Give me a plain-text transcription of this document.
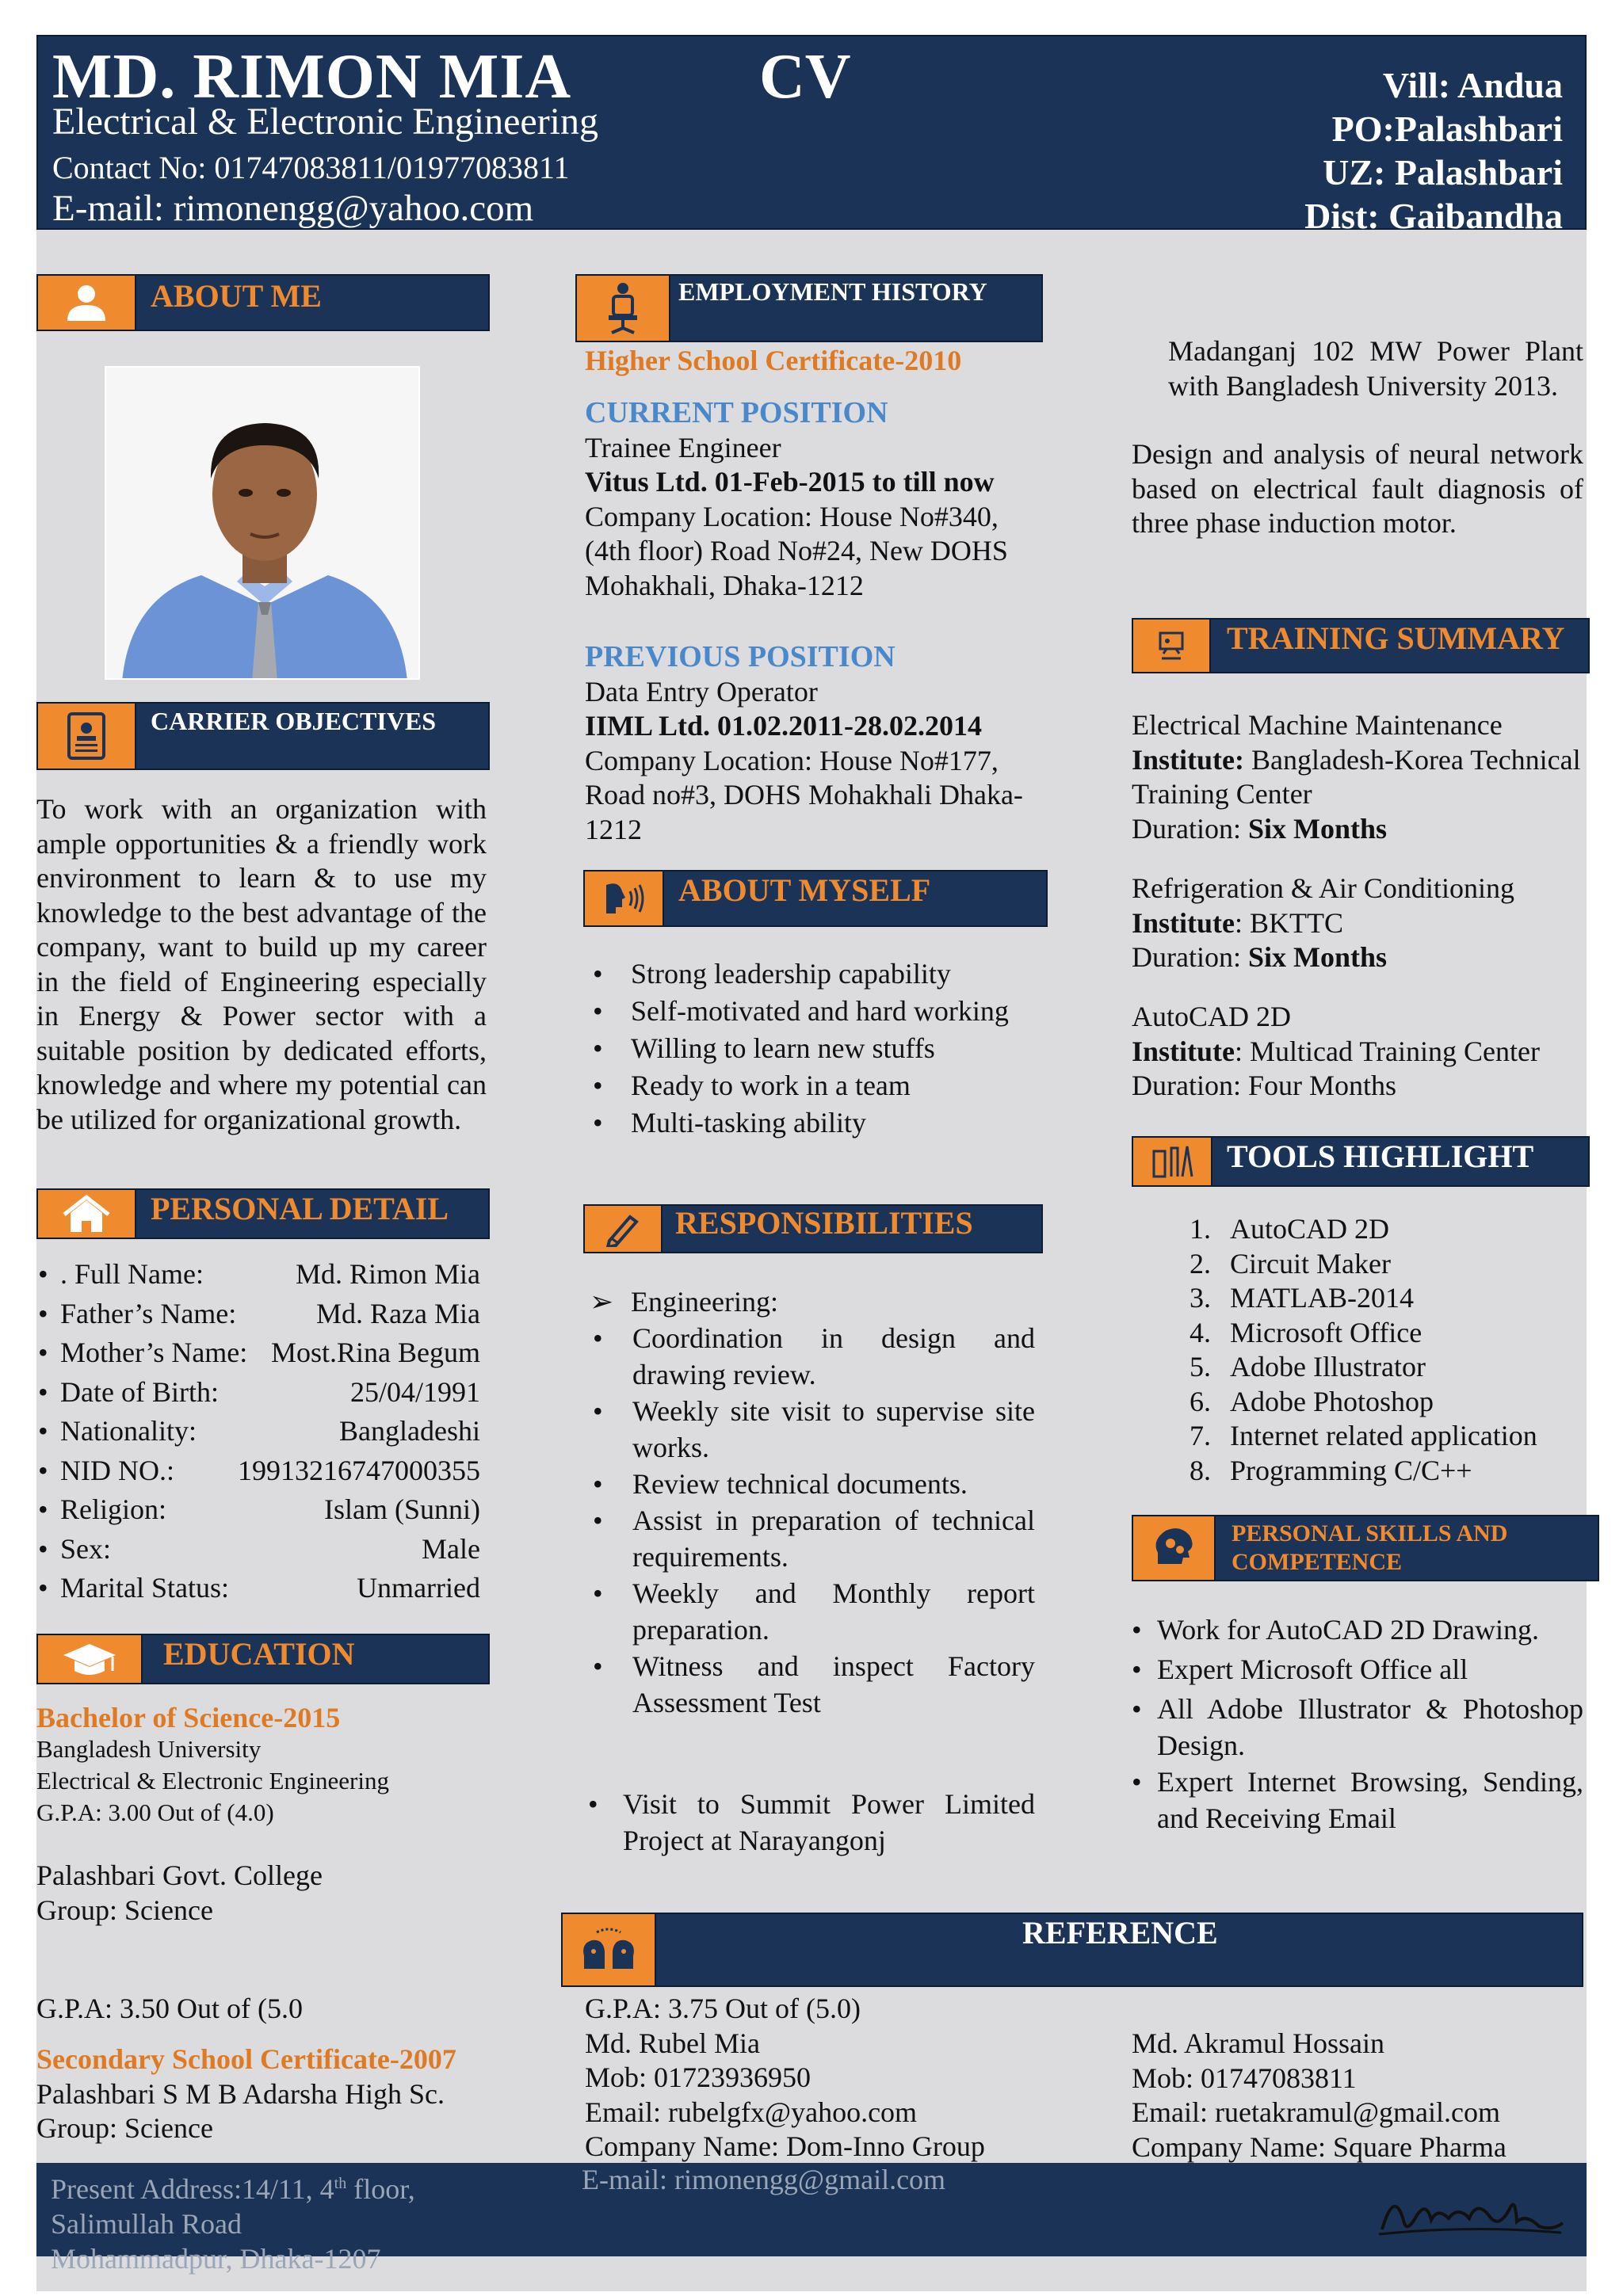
MD. RIMON MIA	CV
Electrical & Electronic Engineering
Contact No: 01747083811/01977083811
E-mail: rimonengg@yahoo.com
Vill: Andua
PO:Palashbari
UZ: Palashbari
Dist: Gaibandha
ABOUT ME
CARRIER OBJECTIVES
To work with an organization with ample opportunities & a friendly work environment to learn & to use my knowledge to the best advantage of the company, want to build up my career in the field of Engineering especially in Energy & Power sector with a suitable position by dedicated efforts, knowledge and where my potential can be utilized for organizational growth.
PERSONAL DETAIL
• . Full Name:	Md. Rimon Mia
• Father’s Name:	Md. Raza Mia
• Mother’s Name: Most.Rina Begum
• Date of Birth:	25/04/1991
• Nationality:	Bangladeshi
• NID NO.: 19913216747000355
• Religion:	Islam (Sunni)
• Sex:	Male
• Marital Status:	Unmarried
EDUCATION
Bachelor of Science-2015
Bangladesh University
Electrical & Electronic Engineering
G.P.A: 3.00 Out of (4.0)
Palashbari Govt. College
Group: Science
G.P.A: 3.50 Out of (5.0
Secondary School Certificate-2007
Palashbari S M B Adarsha High Sc.
Group: Science
EMPLOYMENT HISTORY
Higher School Certificate-2010
CURRENT POSITION
Trainee Engineer
Vitus Ltd. 01-Feb-2015 to till now
Company Location: House No#340, (4th floor) Road No#24, New DOHS Mohakhali, Dhaka-1212
PREVIOUS POSITION
Data Entry Operator
IIML Ltd. 01.02.2011-28.02.2014
Company Location: House No#177, Road no#3, DOHS Mohakhali Dhaka-1212
ABOUT MYSELF
• Strong leadership capability
• Self-motivated and hard working
• Willing to learn new stuffs
• Ready to work in a team
• Multi-tasking ability
RESPONSIBILITIES
➢ Engineering:
• Coordination in design and drawing review.
• Weekly site visit to supervise site works.
• Review technical documents.
• Assist in preparation of technical requirements.
• Weekly and Monthly report preparation.
• Witness and inspect Factory Assessment Test
• Visit to Summit Power Limited Project at Narayangonj
Madanganj 102 MW Power Plant with Bangladesh University 2013.
Design and analysis of neural network based on electrical fault diagnosis of three phase induction motor.
TRAINING SUMMARY
Electrical Machine Maintenance
Institute: Bangladesh-Korea Technical Training Center
Duration: Six Months
Refrigeration & Air Conditioning
Institute: BKTTC
Duration: Six Months
AutoCAD 2D
Institute: Multicad Training Center
Duration: Four Months
TOOLS HIGHLIGHT
1. AutoCAD 2D
2. Circuit Maker
3. MATLAB-2014
4. Microsoft Office
5. Adobe Illustrator
6. Adobe Photoshop
7. Internet related application
8. Programming C/C++
PERSONAL SKILLS AND COMPETENCE
• Work for AutoCAD 2D Drawing.
• Expert Microsoft Office all
• All Adobe Illustrator & Photoshop Design.
• Expert Internet Browsing, Sending, and Receiving Email
REFERENCE
G.P.A: 3.75 Out of (5.0)
Md. Rubel Mia
Mob: 01723936950
Email: rubelgfx@yahoo.com
Company Name: Dom-Inno Group
Md. Akramul Hossain
Mob: 01747083811
Email: ruetakramul@gmail.com
Company Name: Square Pharma
Present Address:14/11, 4th floor,
Salimullah Road
Mohammadpur, Dhaka-1207
E-mail: rimonengg@gmail.com
